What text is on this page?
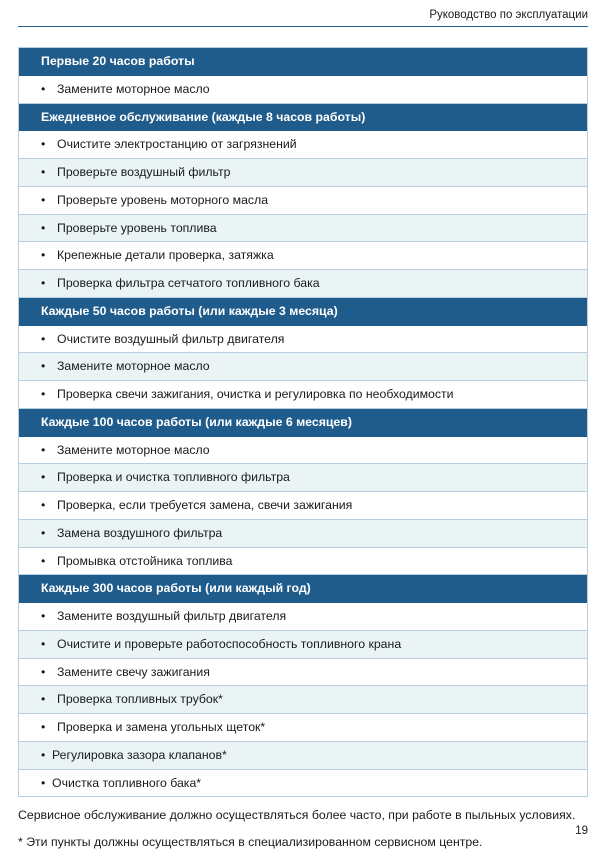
Руководство по эксплуатации
Первые 20 часов работы
• Замените моторное масло
Ежедневное обслуживание (каждые 8 часов работы)
• Очистите электростанцию от загрязнений
• Проверьте воздушный фильтр
• Проверьте уровень моторного масла
• Проверьте уровень топлива
• Крепежные детали проверка, затяжка
• Проверка фильтра сетчатого топливного бака
Каждые 50 часов работы (или каждые 3 месяца)
• Очистите воздушный фильтр двигателя
• Замените моторное масло
• Проверка свечи зажигания, очистка и регулировка по необходимости
Каждые 100 часов работы (или каждые 6 месяцев)
• Замените моторное масло
• Проверка и очистка топливного фильтра
• Проверка, если требуется замена, свечи зажигания
• Замена воздушного фильтра
• Промывка отстойника топлива
Каждые 300 часов работы (или каждый год)
• Замените воздушный фильтр двигателя
• Очистите и проверьте работоспособность топливного крана
• Замените свечу зажигания
• Проверка топливных трубок*
• Проверка и замена угольных щеток*
• Регулировка зазора клапанов*
• Очистка топливного бака*
Сервисное обслуживание должно осуществляться более часто, при работе в пыльных условиях.
* Эти пункты должны осуществляться в специализированном сервисном центре.
19
